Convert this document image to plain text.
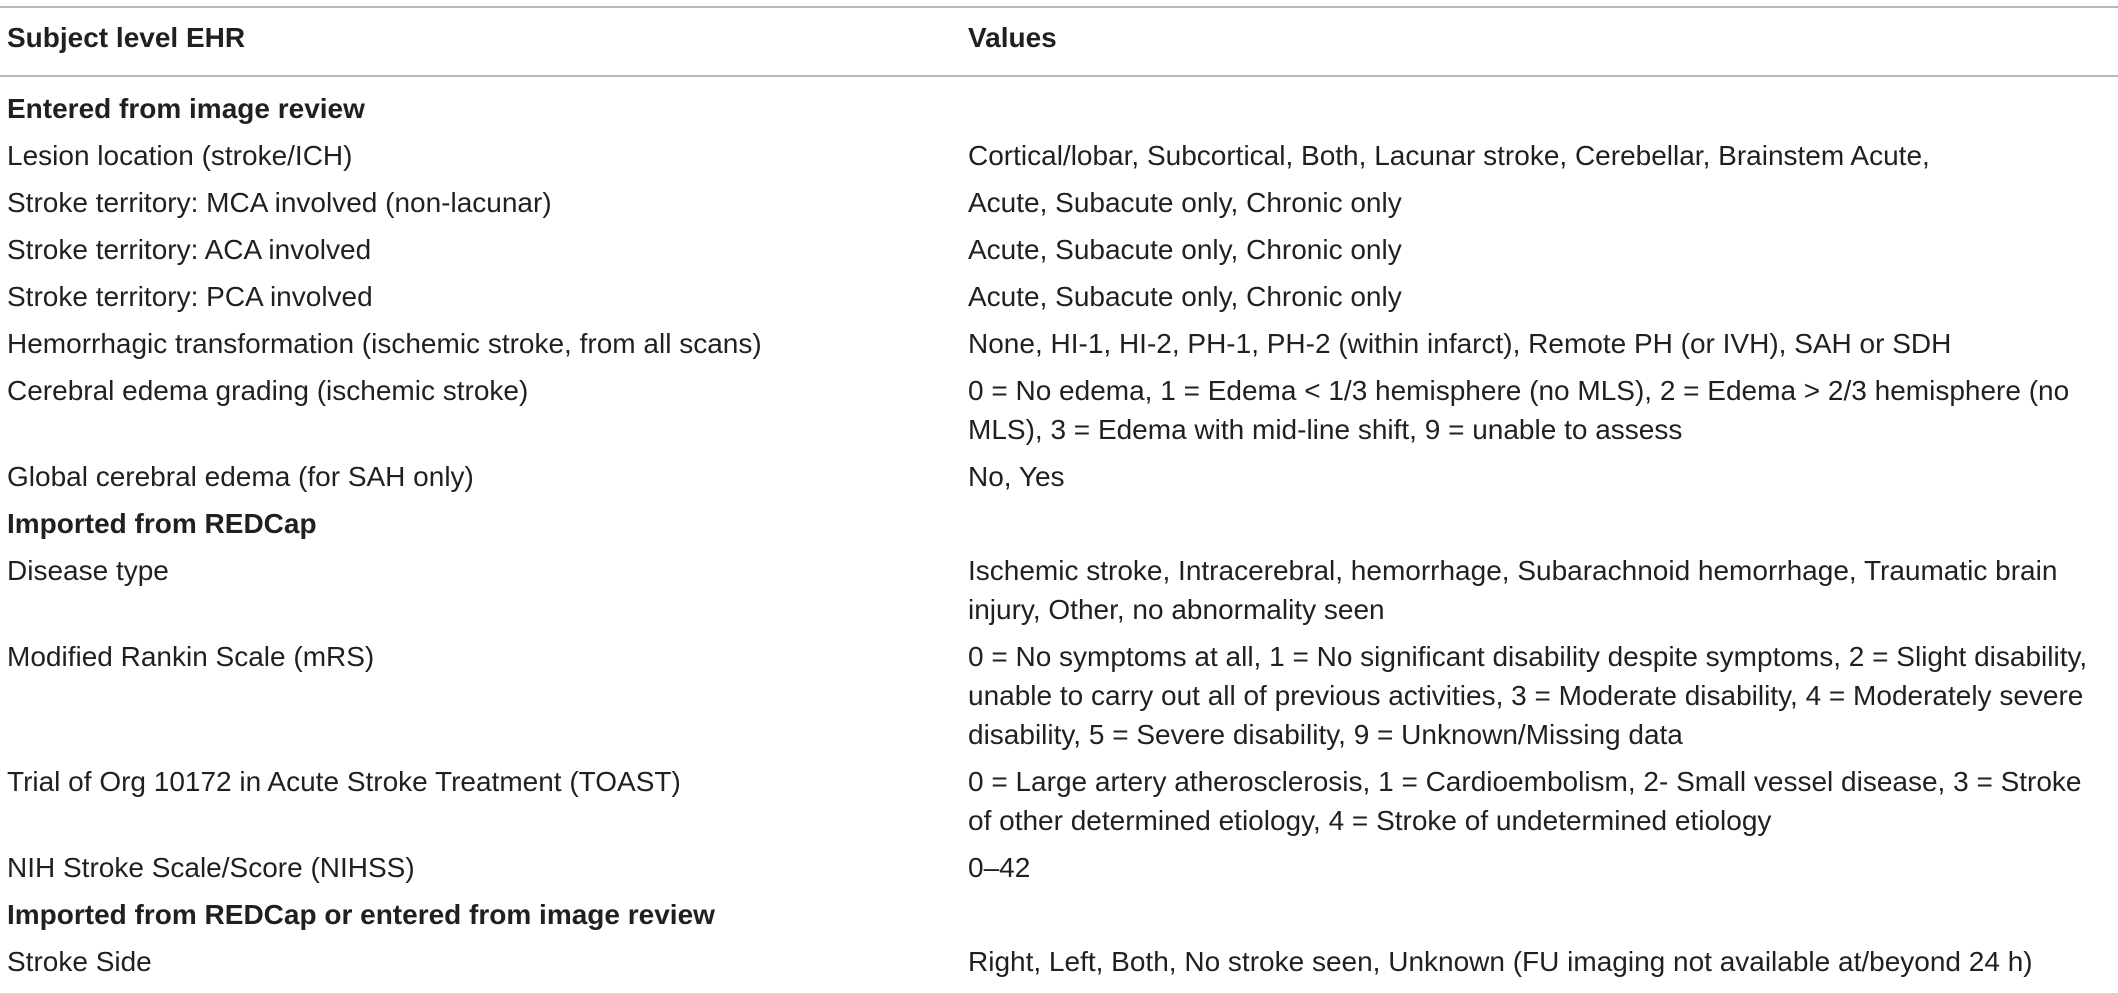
Subject level EHR	Values
Entered from image review
Lesion location (stroke/ICH)	Cortical/lobar, Subcortical, Both, Lacunar stroke, Cerebellar, Brainstem Acute,
Stroke territory: MCA involved (non-lacunar)	Acute, Subacute only, Chronic only
Stroke territory: ACA involved	Acute, Subacute only, Chronic only
Stroke territory: PCA involved	Acute, Subacute only, Chronic only
Hemorrhagic transformation (ischemic stroke, from all scans)	None, HI-1, HI-2, PH-1, PH-2 (within infarct), Remote PH (or IVH), SAH or SDH
Cerebral edema grading (ischemic stroke)	0 = No edema, 1 = Edema < 1/3 hemisphere (no MLS), 2 = Edema > 2/3 hemisphere (no MLS), 3 = Edema with mid-line shift, 9 = unable to assess
Global cerebral edema (for SAH only)	No, Yes
Imported from REDCap
Disease type	Ischemic stroke, Intracerebral, hemorrhage, Subarachnoid hemorrhage, Traumatic brain injury, Other, no abnormality seen
Modified Rankin Scale (mRS)	0 = No symptoms at all, 1 = No significant disability despite symptoms, 2 = Slight disability, unable to carry out all of previous activities, 3 = Moderate disability, 4 = Moderately severe disability, 5 = Severe disability, 9 = Unknown/Missing data
Trial of Org 10172 in Acute Stroke Treatment (TOAST)	0 = Large artery atherosclerosis, 1 = Cardioembolism, 2- Small vessel disease, 3 = Stroke of other determined etiology, 4 = Stroke of undetermined etiology
NIH Stroke Scale/Score (NIHSS)	0–42
Imported from REDCap or entered from image review
Stroke Side	Right, Left, Both, No stroke seen, Unknown (FU imaging not available at/beyond 24 h)
